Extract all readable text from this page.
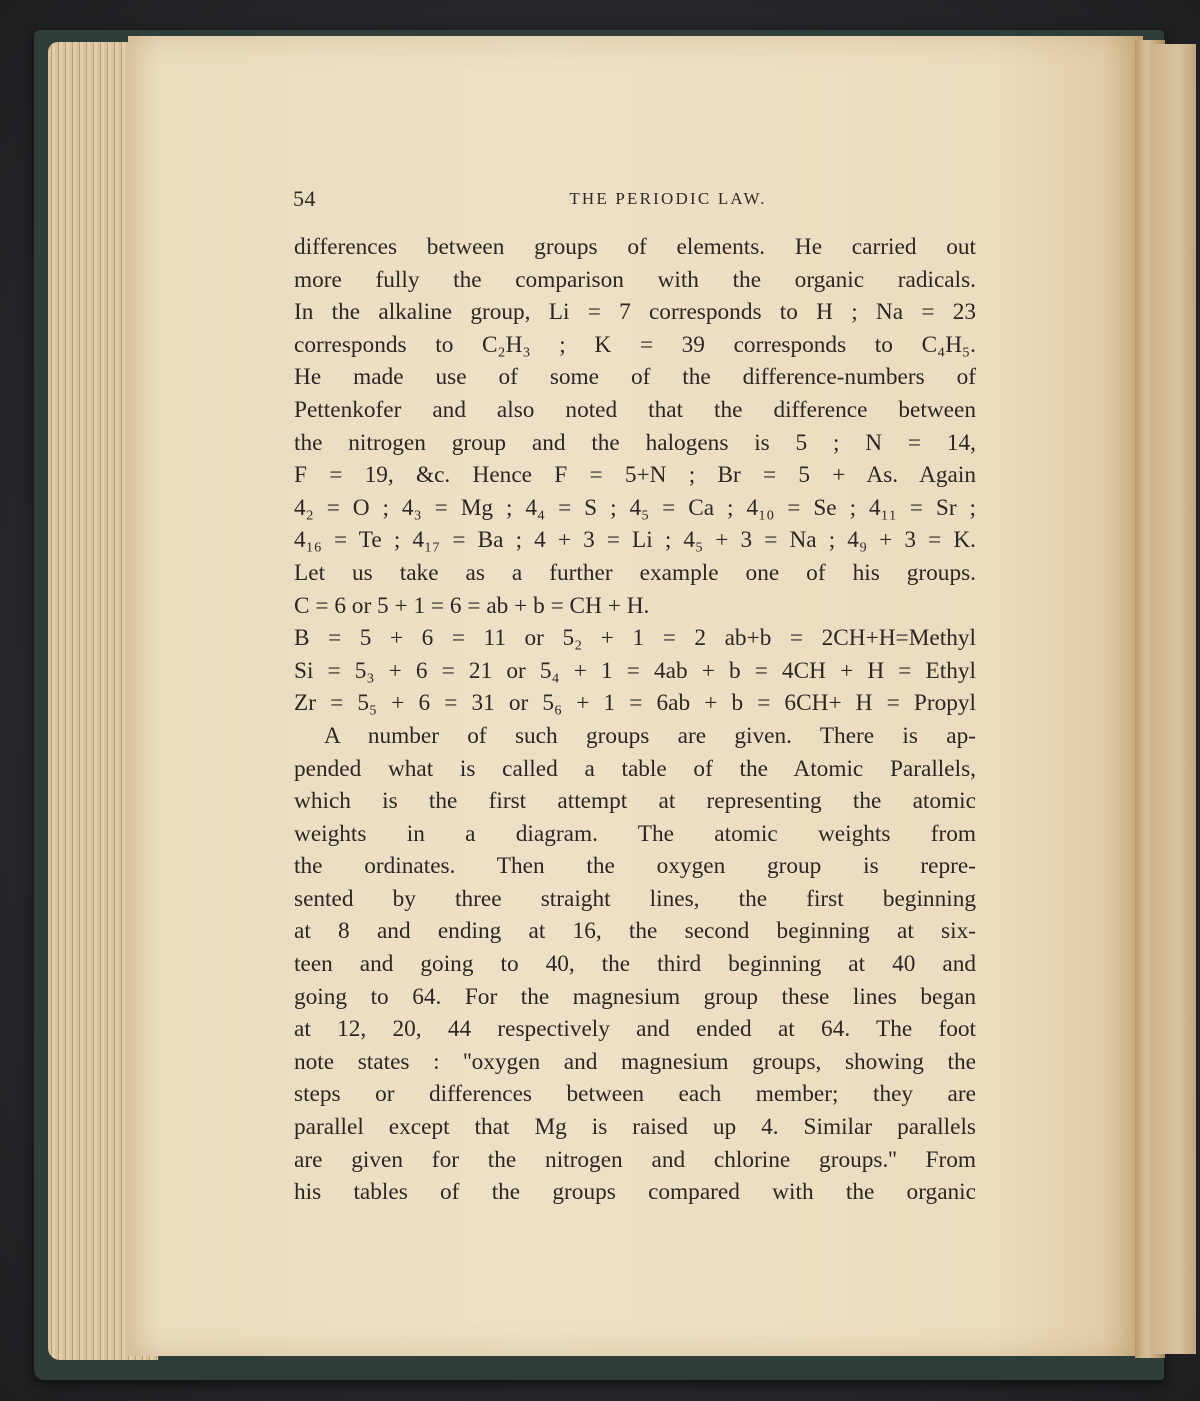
54	THE PERIODIC LAW.
differences between groups of elements. He carried out
more fully the comparison with the organic radicals.
In the alkaline group, Li = 7 corresponds to H ; Na = 23
corresponds to C₂H₃ ; K = 39 corresponds to C₄H₅.
He made use of some of the difference-numbers of
Pettenkofer and also noted that the difference between
the nitrogen group and the halogens is 5 ; N = 14,
F = 19, &c. Hence F = 5+N ; Br = 5 + As. Again
4₂ = O ; 4₃ = Mg ; 4₄ = S ; 4₅ = Ca ; 4₁₀ = Se ; 4₁₁ = Sr ;
4₁₆ = Te ; 4₁₇ = Ba ; 4 + 3 = Li ; 4₅ + 3 = Na ; 4₉ + 3 = K.
Let us take as a further example one of his groups.
C = 6 or 5 + 1 = 6 = ab + b = CH + H.
B = 5 + 6 = 11 or 5₂ + 1 = 2 ab+b = 2CH+H=Methyl
Si = 5₃ + 6 = 21 or 5₄ + 1 = 4ab + b = 4CH + H = Ethyl
Zr = 5₅ + 6 = 31 or 5₆ + 1 = 6ab + b = 6CH+ H = Propyl
A number of such groups are given. There is ap-
pended what is called a table of the Atomic Parallels,
which is the first attempt at representing the atomic
weights in a diagram. The atomic weights from
the ordinates. Then the oxygen group is repre-
sented by three straight lines, the first beginning
at 8 and ending at 16, the second beginning at six-
teen and going to 40, the third beginning at 40 and
going to 64. For the magnesium group these lines began
at 12, 20, 44 respectively and ended at 64. The foot
note states : ''oxygen and magnesium groups, showing the
steps or differences between each member; they are
parallel except that Mg is raised up 4. Similar parallels
are given for the nitrogen and chlorine groups.'' From
his tables of the groups compared with the organic
